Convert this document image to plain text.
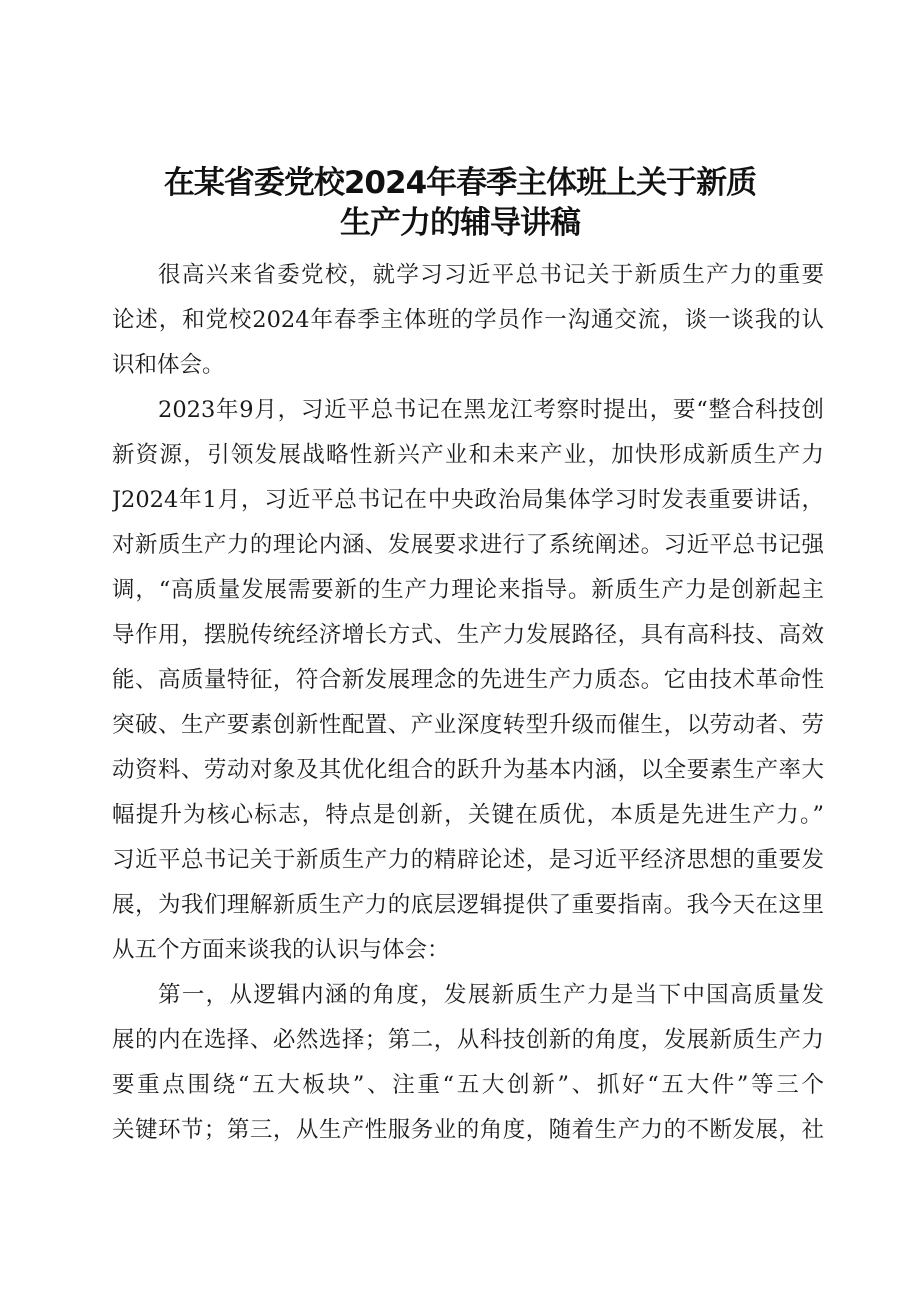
在某省委党校2024年春季主体班上关于新质
生产力的辅导讲稿
很高兴来省委党校，就学习习近平总书记关于新质生产力的重要
论述，和党校2024年春季主体班的学员作一沟通交流，谈一谈我的认
识和体会。
2023年9月，习近平总书记在黑龙江考察时提出，要“整合科技创
新资源，引领发展战略性新兴产业和未来产业，加快形成新质生产力
J2024年1月，习近平总书记在中央政治局集体学习时发表重要讲话，
对新质生产力的理论内涵、发展要求进行了系统阐述。习近平总书记强
调，“高质量发展需要新的生产力理论来指导。新质生产力是创新起主
导作用，摆脱传统经济增长方式、生产力发展路径，具有高科技、高效
能、高质量特征，符合新发展理念的先进生产力质态。它由技术革命性
突破、生产要素创新性配置、产业深度转型升级而催生，以劳动者、劳
动资料、劳动对象及其优化组合的跃升为基本内涵，以全要素生产率大
幅提升为核心标志，特点是创新，关键在质优，本质是先进生产力。”
习近平总书记关于新质生产力的精辟论述，是习近平经济思想的重要发
展，为我们理解新质生产力的底层逻辑提供了重要指南。我今天在这里
从五个方面来谈我的认识与体会：
第一，从逻辑内涵的角度，发展新质生产力是当下中国高质量发
展的内在选择、必然选择；第二，从科技创新的角度，发展新质生产力
要重点围绕“五大板块”、注重“五大创新”、抓好“五大件”等三个
关键环节；第三，从生产性服务业的角度，随着生产力的不断发展，社
